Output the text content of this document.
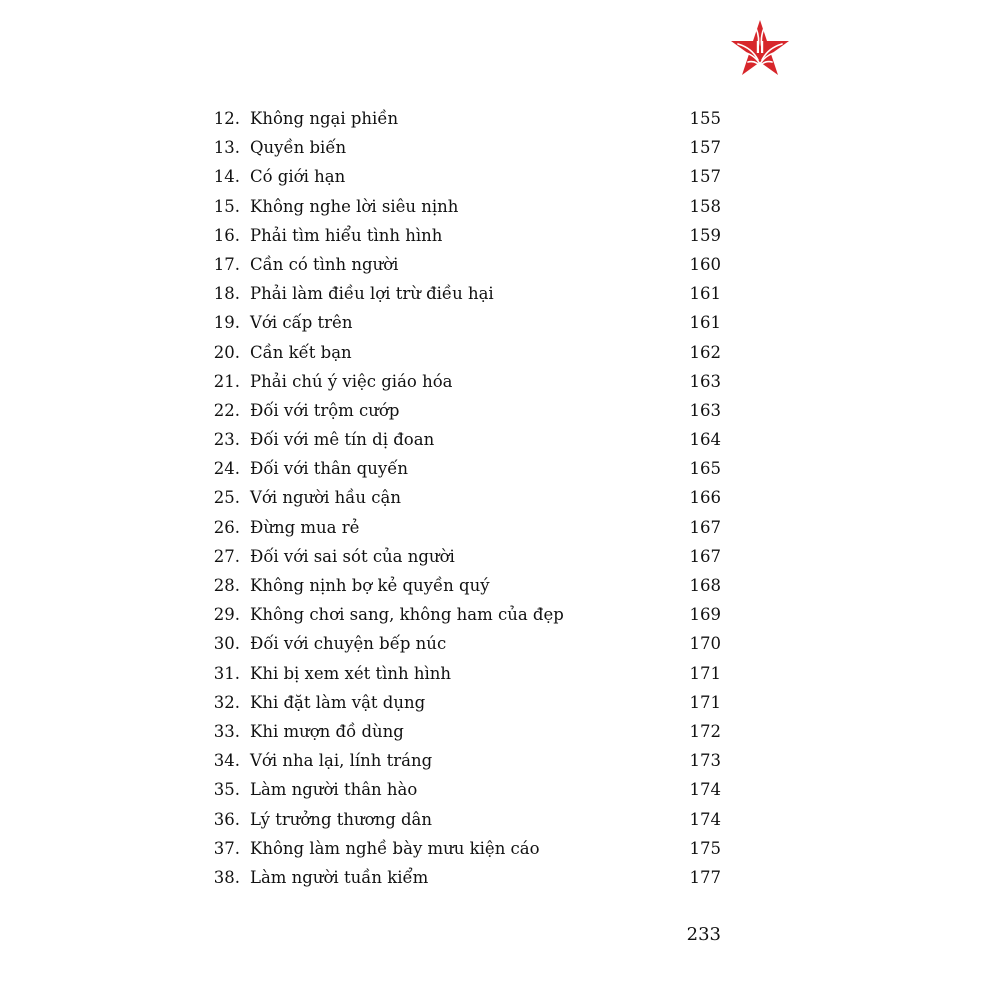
12. Không ngại phiền	155
13. Quyền biến	157
14. Có giới hạn	157
15. Không nghe lời siêu nịnh	158
16. Phải tìm hiểu tình hình	159
17. Cần có tình người	160
18. Phải làm điều lợi trừ điều hại	161
19. Với cấp trên	161
20. Cần kết bạn	162
21. Phải chú ý việc giáo hóa	163
22. Đối với trộm cướp	163
23. Đối với mê tín dị đoan	164
24. Đối với thân quyến	165
25. Với người hầu cận	166
26. Đừng mua rẻ	167
27. Đối với sai sót của người	167
28. Không nịnh bợ kẻ quyền quý	168
29. Không chơi sang, không ham của đẹp	169
30. Đối với chuyện bếp núc	170
31. Khi bị xem xét tình hình	171
32. Khi đặt làm vật dụng	171
33. Khi mượn đồ dùng	172
34. Với nha lại, lính tráng	173
35. Làm người thân hào	174
36. Lý trưởng thương dân	174
37. Không làm nghề bày mưu kiện cáo	175
38. Làm người tuần kiểm	177
233
